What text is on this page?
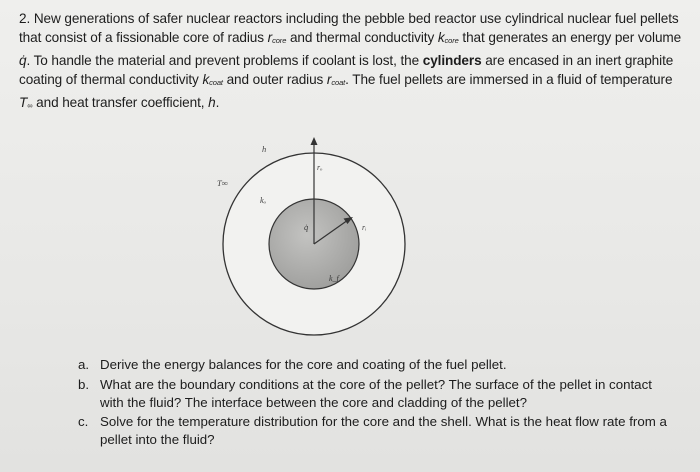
2. New generations of safer nuclear reactors including the pebble bed reactor use cylindrical nuclear fuel pellets that consist of a fissionable core of radius rcore and thermal conductivity kcore that generates an energy per volume q̇. To handle the material and prevent problems if coolant is lost, the cylinders are encased in an inert graphite coating of thermal conductivity kcoat and outer radius rcoat. The fuel pellets are immersed in a fluid of temperature T∞ and heat transfer coefficient, h.

h
T∞
kₒ
rₒ
q̇	rᵢ
k_f
a. Derive the energy balances for the core and coating of the fuel pellet.
b. What are the boundary conditions at the core of the pellet? The surface of the pellet in contact with the fluid? The interface between the core and cladding of the pellet?
c. Solve for the temperature distribution for the core and the shell. What is the heat flow rate from a pellet into the fluid?
